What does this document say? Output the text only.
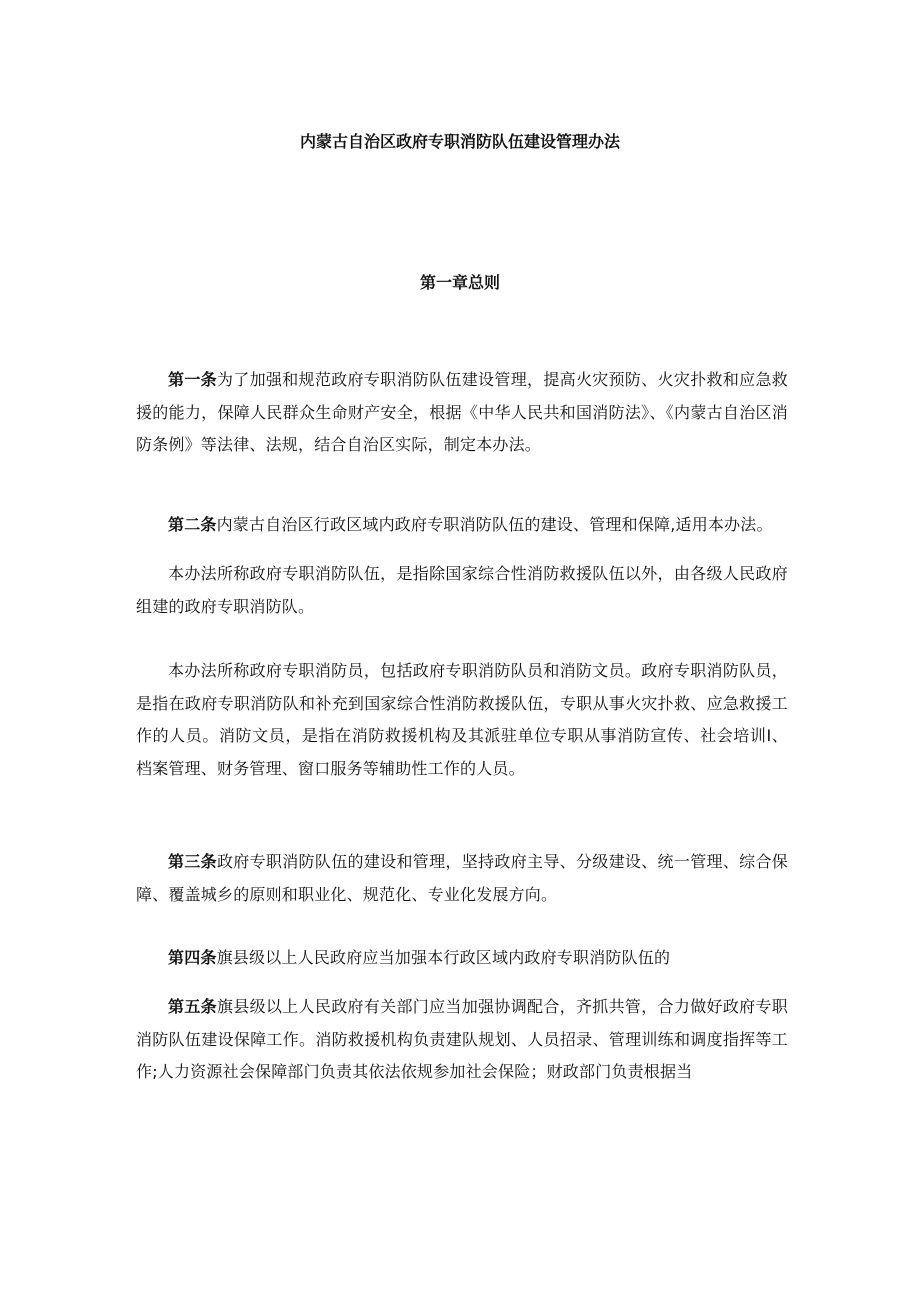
内蒙古自治区政府专职消防队伍建设管理办法
第一章总则

第一条为了加强和规范政府专职消防队伍建设管理，提高火灾预防、火灾扑救和应急救援的能力，保障人民群众生命财产安全，根据《中华人民共和国消防法》、《内蒙古自治区消防条例》等法律、法规，结合自治区实际，制定本办法。

第二条内蒙古自治区行政区域内政府专职消防队伍的建设、管理和保障,适用本办法。

本办法所称政府专职消防队伍，是指除国家综合性消防救援队伍以外，由各级人民政府组建的政府专职消防队。

本办法所称政府专职消防员，包括政府专职消防队员和消防文员。政府专职消防队员，是指在政府专职消防队和补充到国家综合性消防救援队伍，专职从事火灾扑救、应急救援工作的人员。消防文员，是指在消防救援机构及其派驻单位专职从事消防宣传、社会培训I、档案管理、财务管理、窗口服务等辅助性工作的人员。

第三条政府专职消防队伍的建设和管理，坚持政府主导、分级建设、统一管理、综合保障、覆盖城乡的原则和职业化、规范化、专业化发展方向。

第四条旗县级以上人民政府应当加强本行政区域内政府专职消防队伍的

第五条旗县级以上人民政府有关部门应当加强协调配合，齐抓共管，合力做好政府专职消防队伍建设保障工作。消防救援机构负责建队规划、人员招录、管理训练和调度指挥等工作;人力资源社会保障部门负责其依法依规参加社会保险；财政部门负责根据当
